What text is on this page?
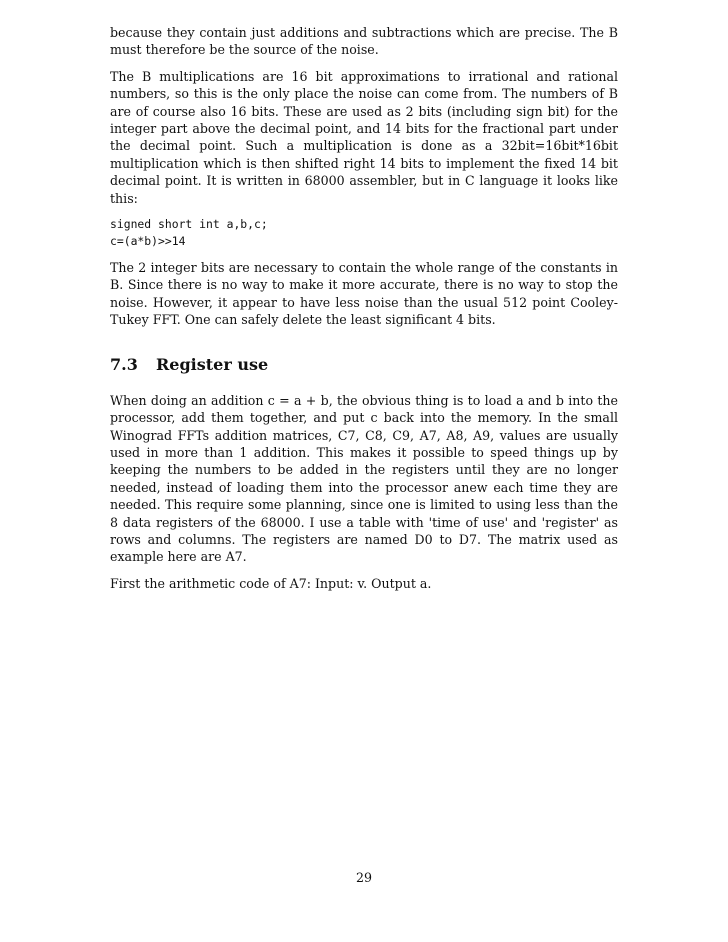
because they contain just additions and subtractions which are precise. The B must therefore be the source of the noise.

The B multiplications are 16 bit approximations to irrational and rational numbers, so this is the only place the noise can come from. The numbers of B are of course also 16 bits. These are used as 2 bits (including sign bit) for the integer part above the decimal point, and 14 bits for the fractional part under the decimal point. Such a multiplication is done as a 32bit=16bit*16bit multiplication which is then shifted right 14 bits to implement the fixed 14 bit decimal point. It is written in 68000 assembler, but in C language it looks like this:

signed short int a,b,c;
c=(a*b)>>14

The 2 integer bits are necessary to contain the whole range of the constants in B. Since there is no way to make it more accurate, there is no way to stop the noise. However, it appear to have less noise than the usual 512 point Cooley-Tukey FFT. One can safely delete the least significant 4 bits.

7.3 Register use

When doing an addition c = a + b, the obvious thing is to load a and b into the processor, add them together, and put c back into the memory. In the small Winograd FFTs addition matrices, C7, C8, C9, A7, A8, A9, values are usually used in more than 1 addition. This makes it possible to speed things up by keeping the numbers to be added in the registers until they are no longer needed, instead of loading them into the processor anew each time they are needed. This require some planning, since one is limited to using less than the 8 data registers of the 68000. I use a table with 'time of use' and 'register' as rows and columns. The registers are named D0 to D7. The matrix used as example here are A7.

First the arithmetic code of A7: Input: v. Output a.

29
